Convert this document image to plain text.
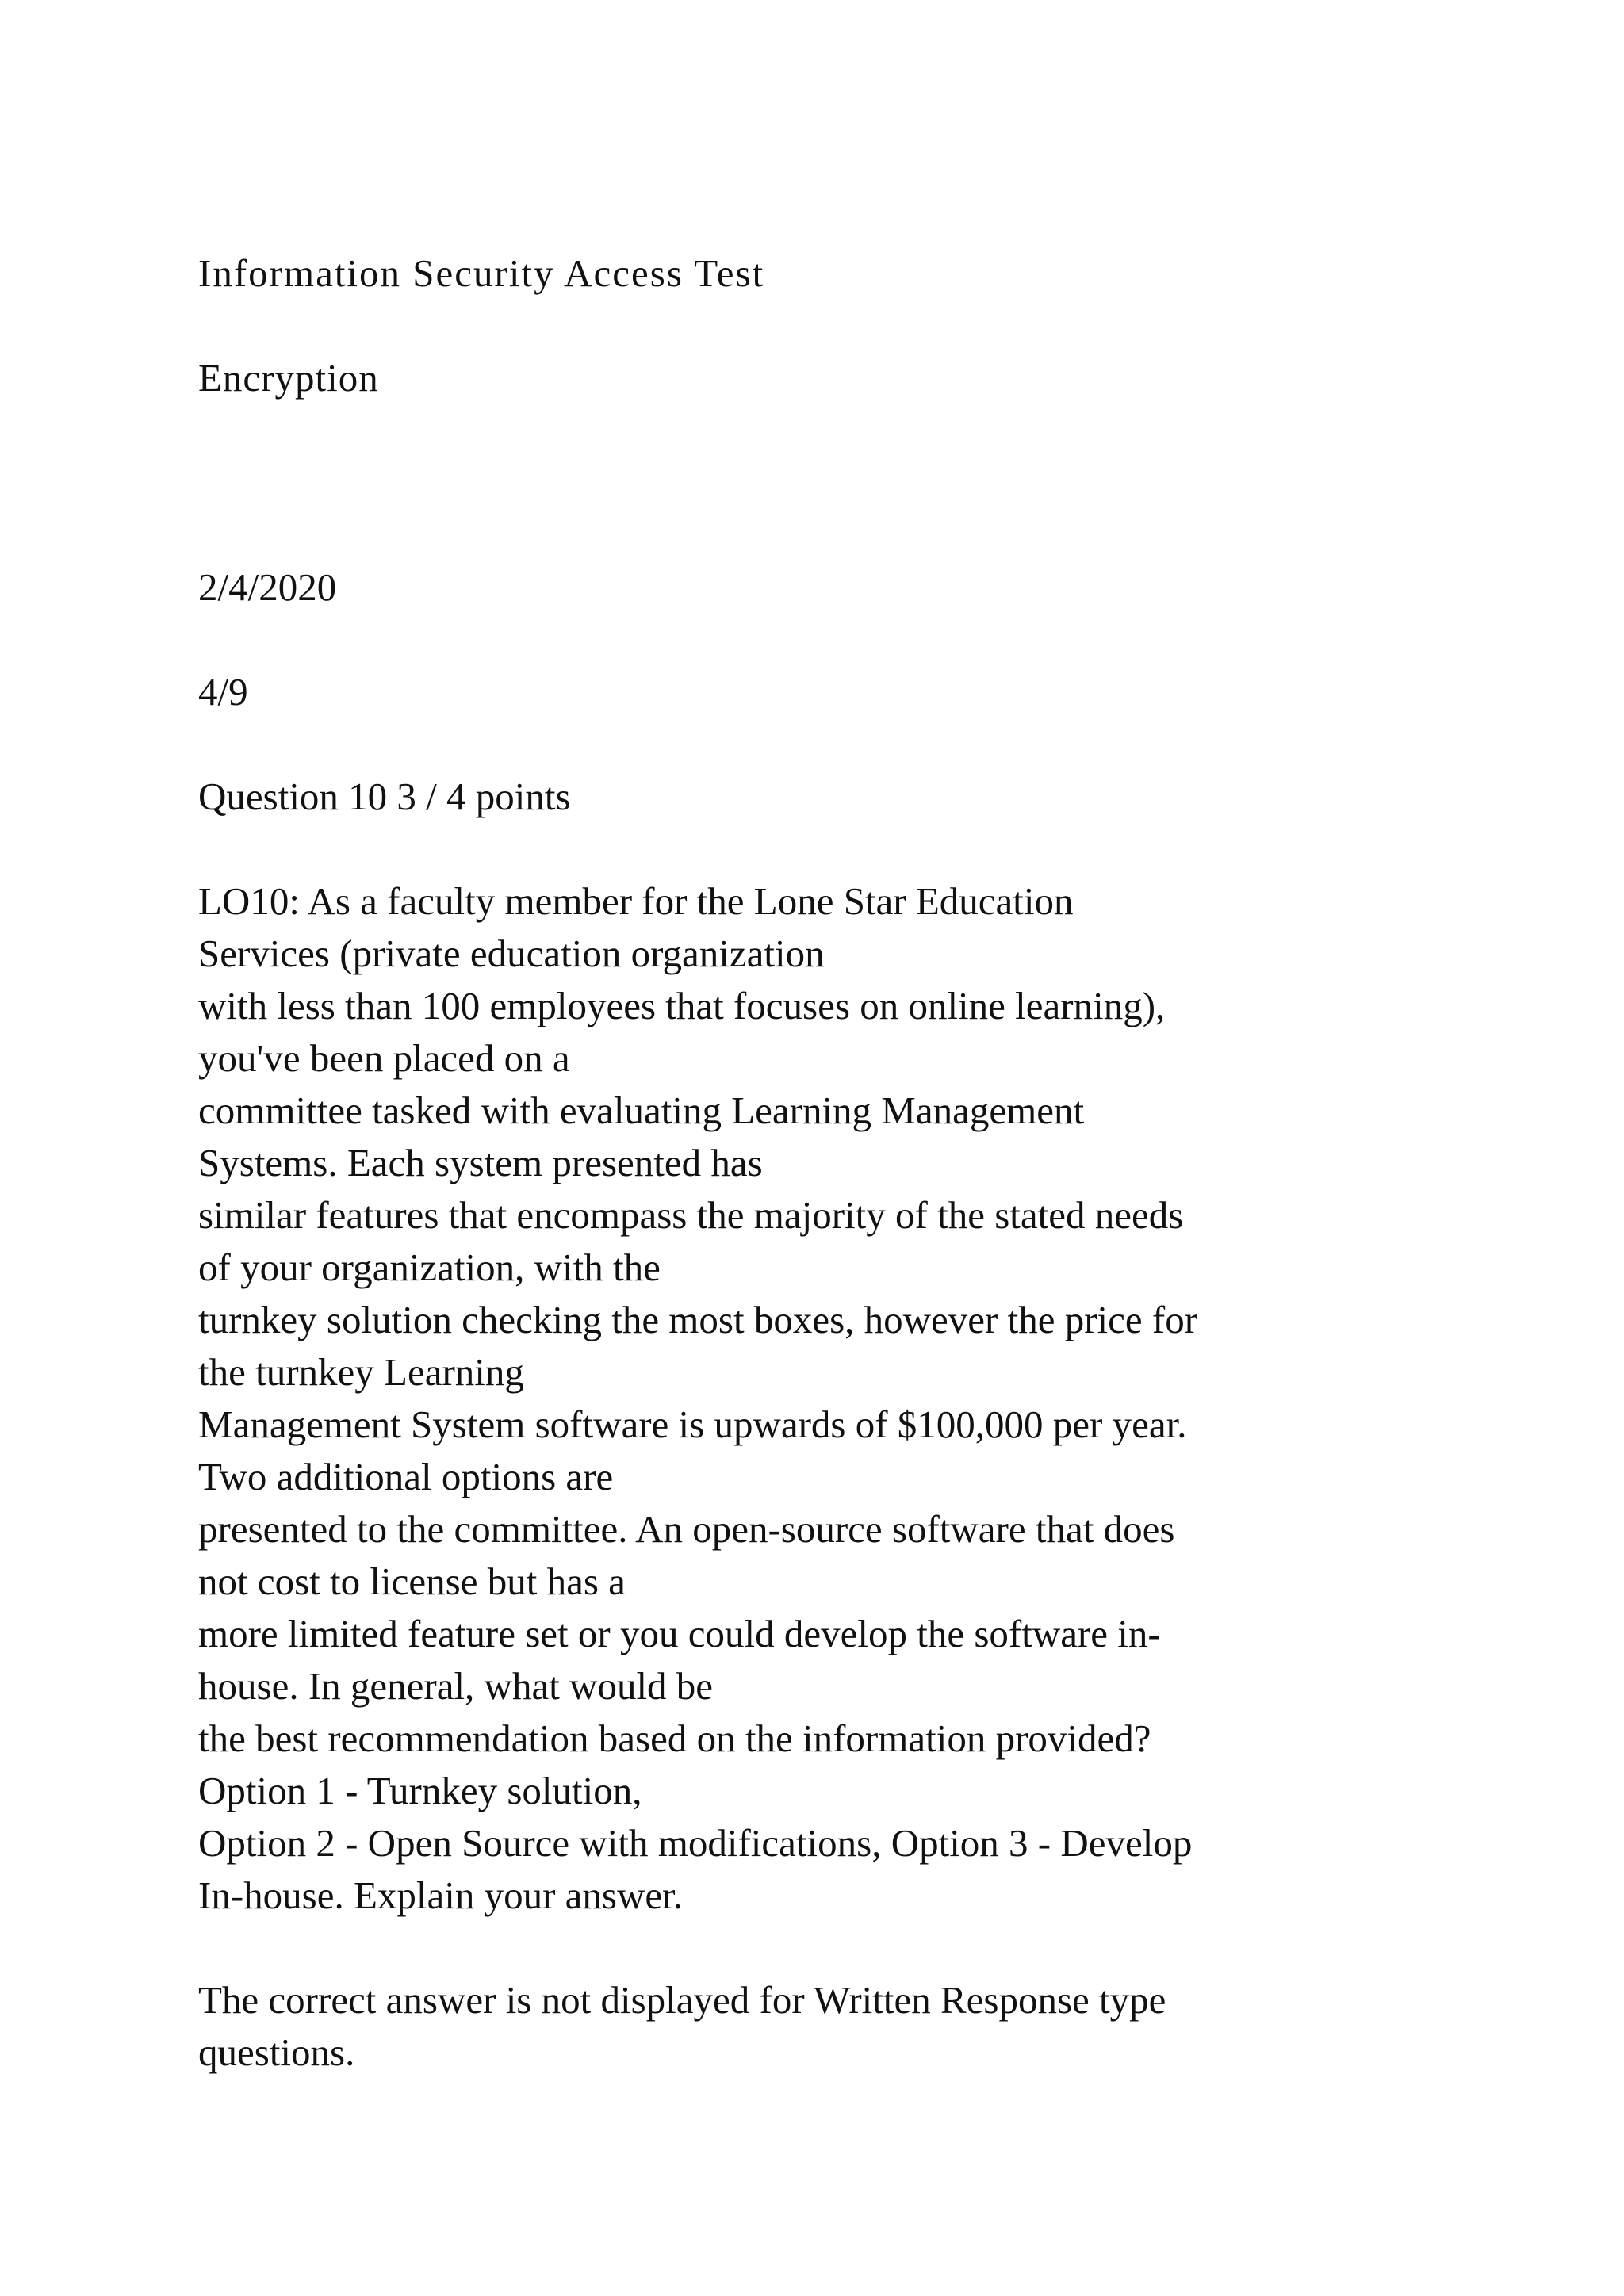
Information Security Access Test

Encryption

2/4/2020

4/9

Question 10 3 / 4 points

LO10: As a faculty member for the Lone Star Education
Services (private education organization
with less than 100 employees that focuses on online learning),
you've been placed on a
committee tasked with evaluating Learning Management
Systems. Each system presented has
similar features that encompass the majority of the stated needs
of your organization, with the
turnkey solution checking the most boxes, however the price for
the turnkey Learning
Management System software is upwards of $100,000 per year.
Two additional options are
presented to the committee. An open-source software that does
not cost to license but has a
more limited feature set or you could develop the software in-
house. In general, what would be
the best recommendation based on the information provided?
Option 1 - Turnkey solution,
Option 2 - Open Source with modifications, Option 3 - Develop
In-house. Explain your answer.
The correct answer is not displayed for Written Response type
questions.
